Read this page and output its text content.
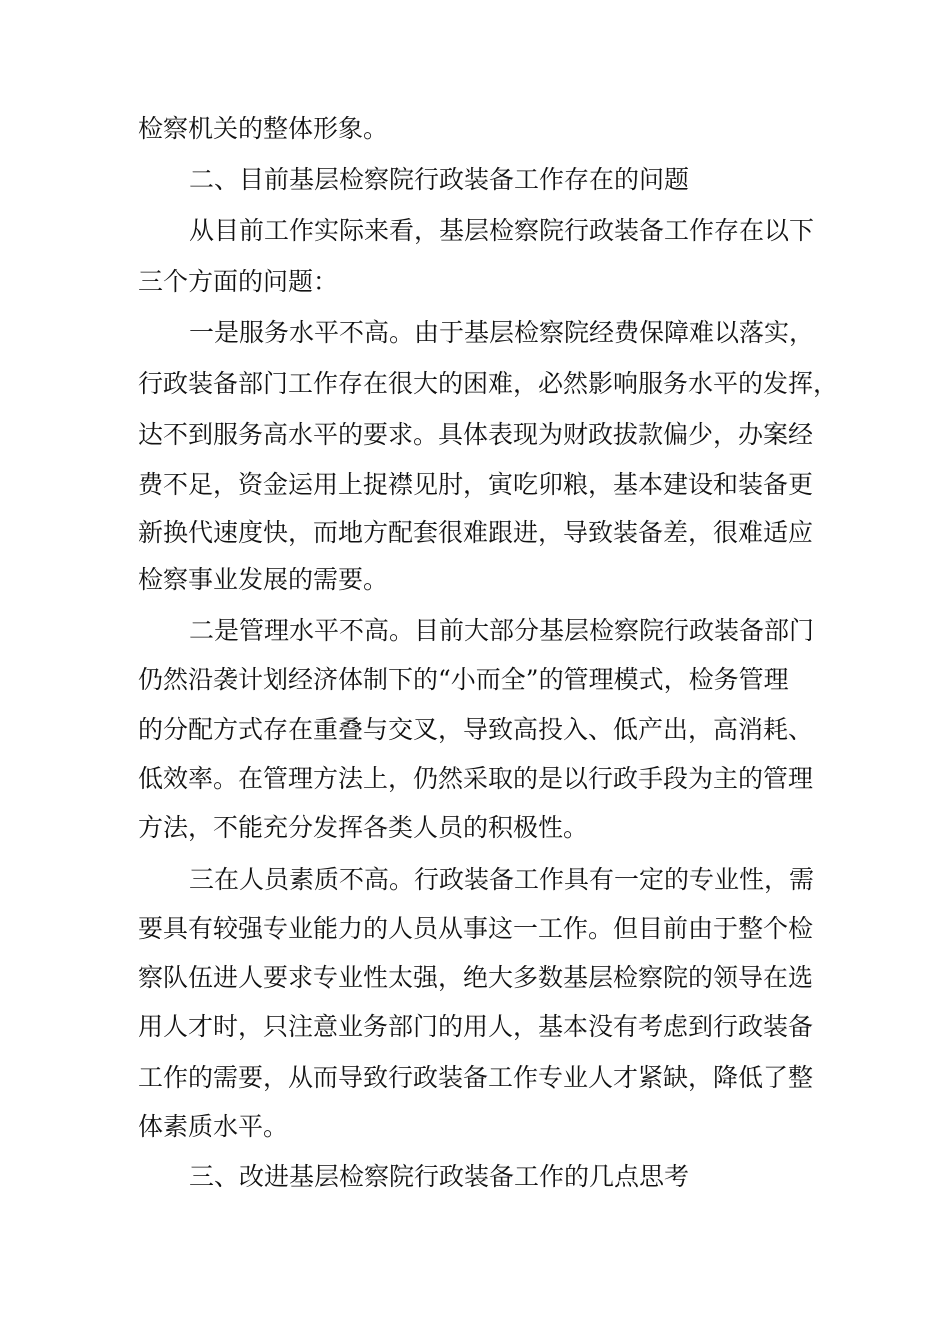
检察机关的整体形象。
二、目前基层检察院行政装备工作存在的问题
从目前工作实际来看，基层检察院行政装备工作存在以下
三个方面的问题：
一是服务水平不高。由于基层检察院经费保障难以落实，
行政装备部门工作存在很大的困难，必然影响服务水平的发挥，
达不到服务高水平的要求。具体表现为财政拔款偏少，办案经
费不足，资金运用上捉襟见肘，寅吃卯粮，基本建设和装备更
新换代速度快，而地方配套很难跟进，导致装备差，很难适应
检察事业发展的需要。
二是管理水平不高。目前大部分基层检察院行政装备部门
仍然沿袭计划经济体制下的“小而全”的管理模式，检务管理
的分配方式存在重叠与交叉，导致高投入、低产出，高消耗、
低效率。在管理方法上，仍然采取的是以行政手段为主的管理
方法，不能充分发挥各类人员的积极性。
三在人员素质不高。行政装备工作具有一定的专业性，需
要具有较强专业能力的人员从事这一工作。但目前由于整个检
察队伍进人要求专业性太强，绝大多数基层检察院的领导在选
用人才时，只注意业务部门的用人，基本没有考虑到行政装备
工作的需要，从而导致行政装备工作专业人才紧缺，降低了整
体素质水平。
三、改进基层检察院行政装备工作的几点思考
